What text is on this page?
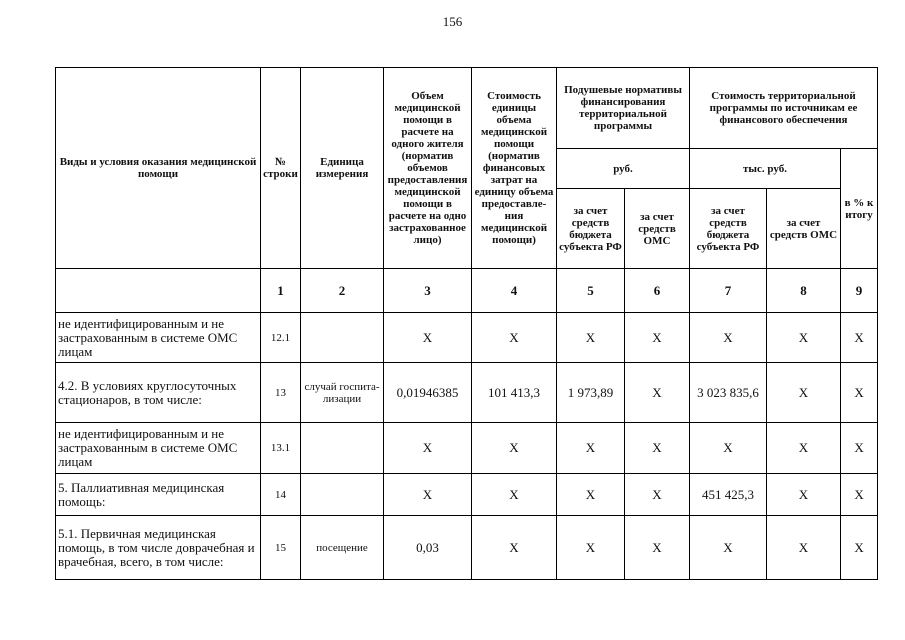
156
Виды и условия оказания медицинской помощи	№ строки	Единица измерения	Объем медицинской помощи в расчете на одного жителя (норматив объемов предоставления медицинской помощи в расчете на одно застрахованное лицо)	Стоимость единицы объема медицинской помощи (норматив финансовых затрат на единицу объема предоставле-ния медицинской помощи)	Подушевые нормативы финансирования территориальной программы		Стоимость территориальной программы по источникам ее финансового обеспечения		
					руб.		тыс. руб.		в % к итогу
					за счет средств бюджета субъекта РФ	за счет средств ОМС	за счет средств бюджета субъекта РФ	за счет средств ОМС	
	1	2	3	4	5	6	7	8	9
не идентифицированным и не застрахованным в системе ОМС лицам	12.1		X	X	X	X	X	X	X
4.2. В условиях круглосуточных стационаров, в том числе:	13	случай госпита-лизации	0,01946385	101 413,3	1 973,89	X	3 023 835,6	X	X
не идентифицированным и не застрахованным в системе ОМС лицам	13.1		X	X	X	X	X	X	X
5. Паллиативная медицинская помощь:	14		X	X	X	X	451 425,3	X	X
5.1. Первичная медицинская помощь, в том числе доврачебная и врачебная, всего, в том числе:	15	посещение	0,03	X	X	X	X	X	X
